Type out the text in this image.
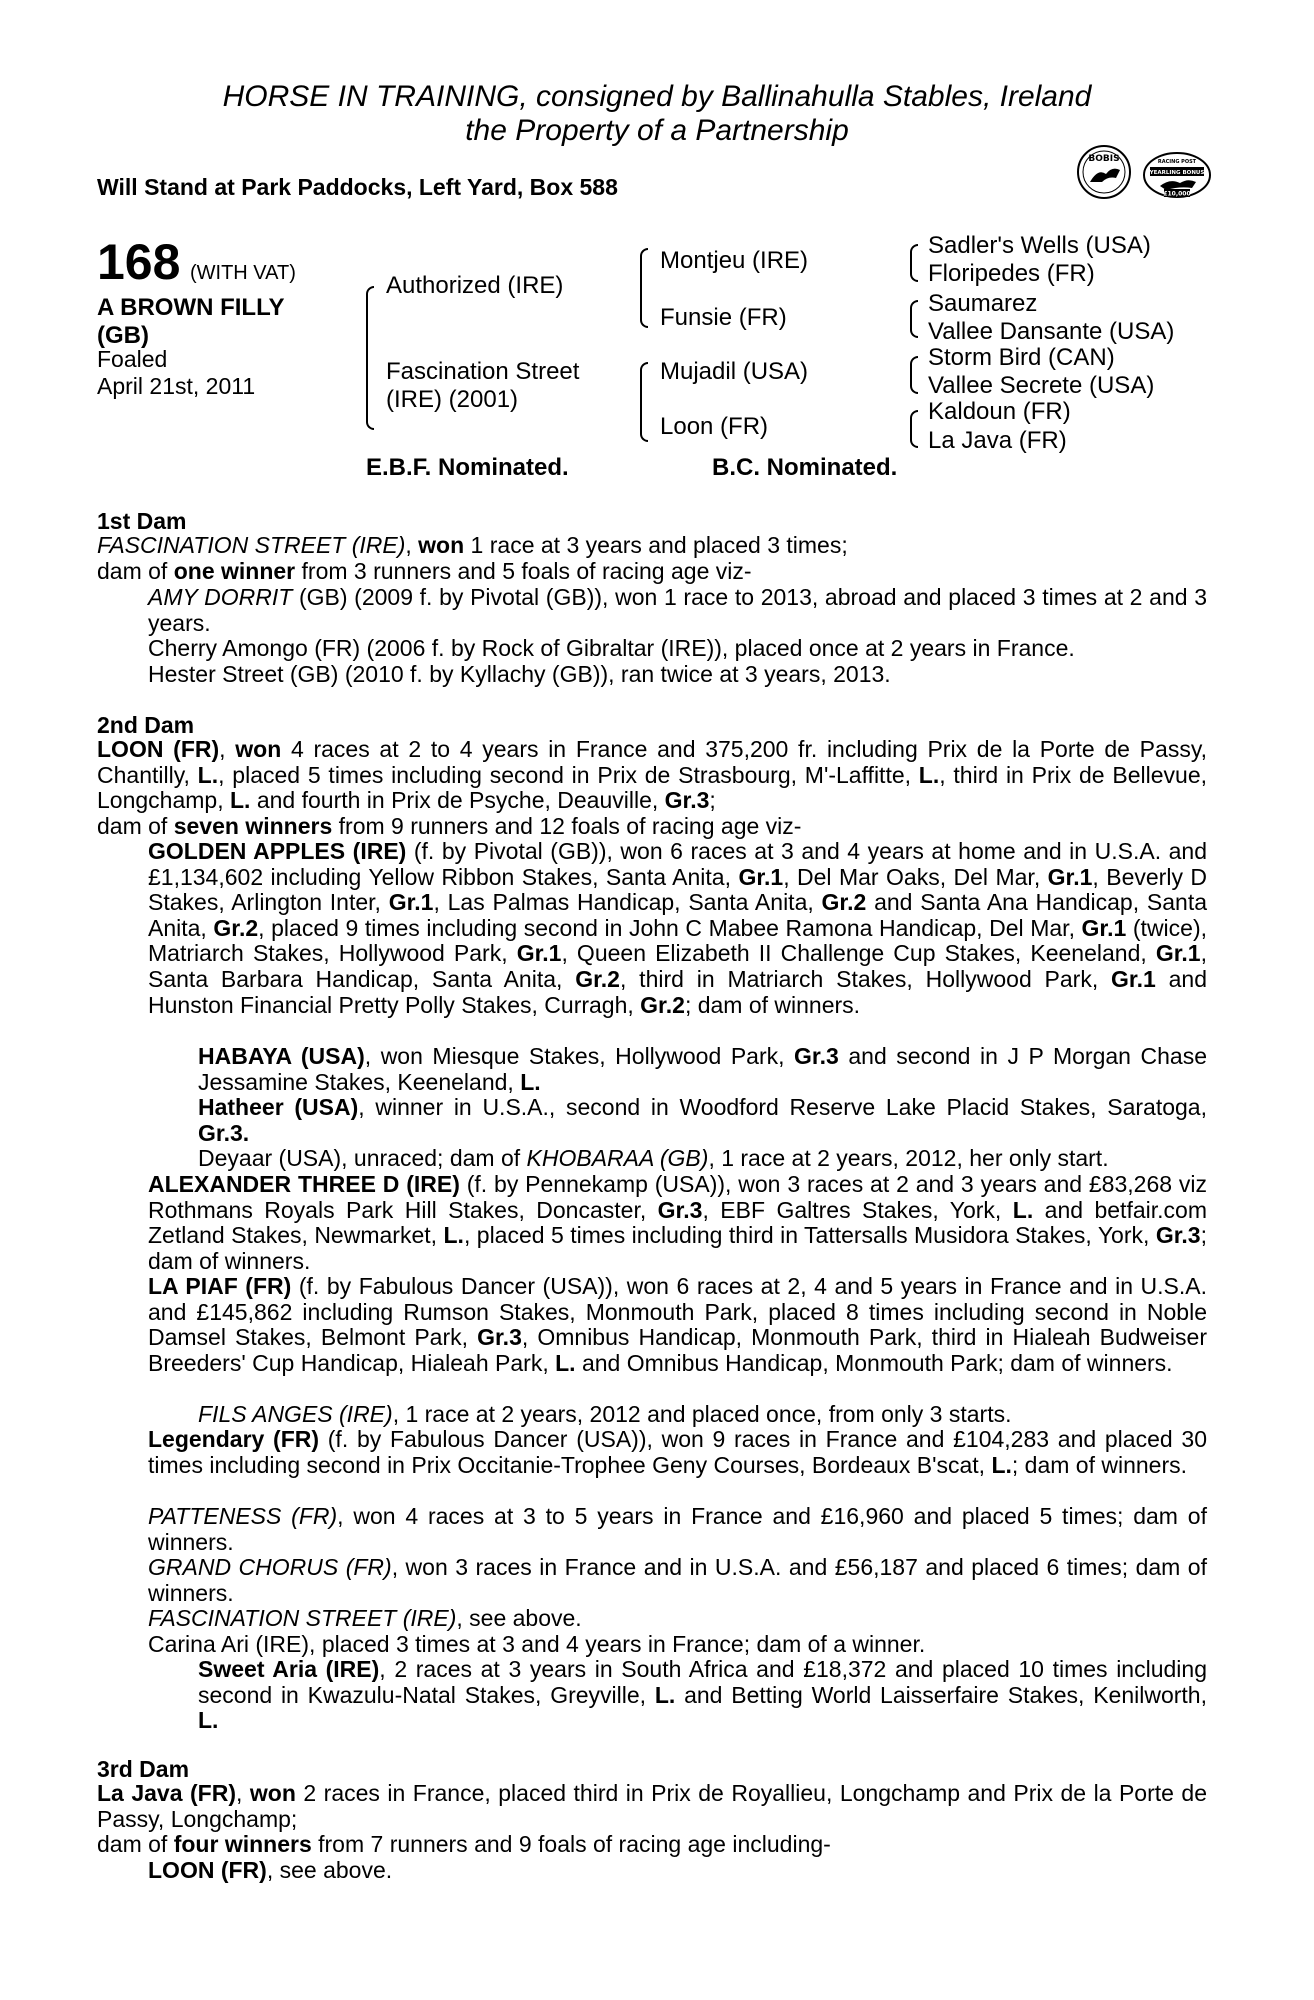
HORSE IN TRAINING, consigned by Ballinahulla Stables, Ireland
the Property of a Partnership
Will Stand at Park Paddocks, Left Yard, Box 588
BOBIS	RACING POST
YEARLING BONUS
£10,000
168 (WITH VAT)
A BROWN FILLY (GB)
Foaled
April 21st, 2011
Authorized (IRE)
Fascination Street (IRE) (2001)
Montjeu (IRE)
Funsie (FR)
Mujadil (USA)
Loon (FR)
Sadler's Wells (USA)
Floripedes (FR)
Saumarez
Vallee Dansante (USA)
Storm Bird (CAN)
Vallee Secrete (USA)
Kaldoun (FR)
La Java (FR)
E.B.F. Nominated.	B.C. Nominated.
1st Dam
FASCINATION STREET (IRE), won 1 race at 3 years and placed 3 times;
dam of one winner from 3 runners and 5 foals of racing age viz-
AMY DORRIT (GB) (2009 f. by Pivotal (GB)), won 1 race to 2013, abroad and placed 3 times at 2 and 3 years.
Cherry Amongo (FR) (2006 f. by Rock of Gibraltar (IRE)), placed once at 2 years in France.
Hester Street (GB) (2010 f. by Kyllachy (GB)), ran twice at 3 years, 2013.
2nd Dam
LOON (FR), won 4 races at 2 to 4 years in France and 375,200 fr. including Prix de la Porte de Passy, Chantilly, L., placed 5 times including second in Prix de Strasbourg, M'-Laffitte, L., third in Prix de Bellevue, Longchamp, L. and fourth in Prix de Psyche, Deauville, Gr.3;
dam of seven winners from 9 runners and 12 foals of racing age viz-
GOLDEN APPLES (IRE) (f. by Pivotal (GB)), won 6 races at 3 and 4 years at home and in U.S.A. and £1,134,602 including Yellow Ribbon Stakes, Santa Anita, Gr.1, Del Mar Oaks, Del Mar, Gr.1, Beverly D Stakes, Arlington Inter, Gr.1, Las Palmas Handicap, Santa Anita, Gr.2 and Santa Ana Handicap, Santa Anita, Gr.2, placed 9 times including second in John C Mabee Ramona Handicap, Del Mar, Gr.1 (twice), Matriarch Stakes, Hollywood Park, Gr.1, Queen Elizabeth II Challenge Cup Stakes, Keeneland, Gr.1, Santa Barbara Handicap, Santa Anita, Gr.2, third in Matriarch Stakes, Hollywood Park, Gr.1 and Hunston Financial Pretty Polly Stakes, Curragh, Gr.2; dam of winners.
HABAYA (USA), won Miesque Stakes, Hollywood Park, Gr.3 and second in J P Morgan Chase Jessamine Stakes, Keeneland, L.
Hatheer (USA), winner in U.S.A., second in Woodford Reserve Lake Placid Stakes, Saratoga, Gr.3.
Deyaar (USA), unraced; dam of KHOBARAA (GB), 1 race at 2 years, 2012, her only start.
ALEXANDER THREE D (IRE) (f. by Pennekamp (USA)), won 3 races at 2 and 3 years and £83,268 viz Rothmans Royals Park Hill Stakes, Doncaster, Gr.3, EBF Galtres Stakes, York, L. and betfair.com Zetland Stakes, Newmarket, L., placed 5 times including third in Tattersalls Musidora Stakes, York, Gr.3; dam of winners.
LA PIAF (FR) (f. by Fabulous Dancer (USA)), won 6 races at 2, 4 and 5 years in France and in U.S.A. and £145,862 including Rumson Stakes, Monmouth Park, placed 8 times including second in Noble Damsel Stakes, Belmont Park, Gr.3, Omnibus Handicap, Monmouth Park, third in Hialeah Budweiser Breeders' Cup Handicap, Hialeah Park, L. and Omnibus Handicap, Monmouth Park; dam of winners.
FILS ANGES (IRE), 1 race at 2 years, 2012 and placed once, from only 3 starts.
Legendary (FR) (f. by Fabulous Dancer (USA)), won 9 races in France and £104,283 and placed 30 times including second in Prix Occitanie-Trophee Geny Courses, Bordeaux B'scat, L.; dam of winners.
PATTENESS (FR), won 4 races at 3 to 5 years in France and £16,960 and placed 5 times; dam of winners.
GRAND CHORUS (FR), won 3 races in France and in U.S.A. and £56,187 and placed 6 times; dam of winners.
FASCINATION STREET (IRE), see above.
Carina Ari (IRE), placed 3 times at 3 and 4 years in France; dam of a winner.
Sweet Aria (IRE), 2 races at 3 years in South Africa and £18,372 and placed 10 times including second in Kwazulu-Natal Stakes, Greyville, L. and Betting World Laisserfaire Stakes, Kenilworth, L.
3rd Dam
La Java (FR), won 2 races in France, placed third in Prix de Royallieu, Longchamp and Prix de la Porte de Passy, Longchamp;
dam of four winners from 7 runners and 9 foals of racing age including-
LOON (FR), see above.
